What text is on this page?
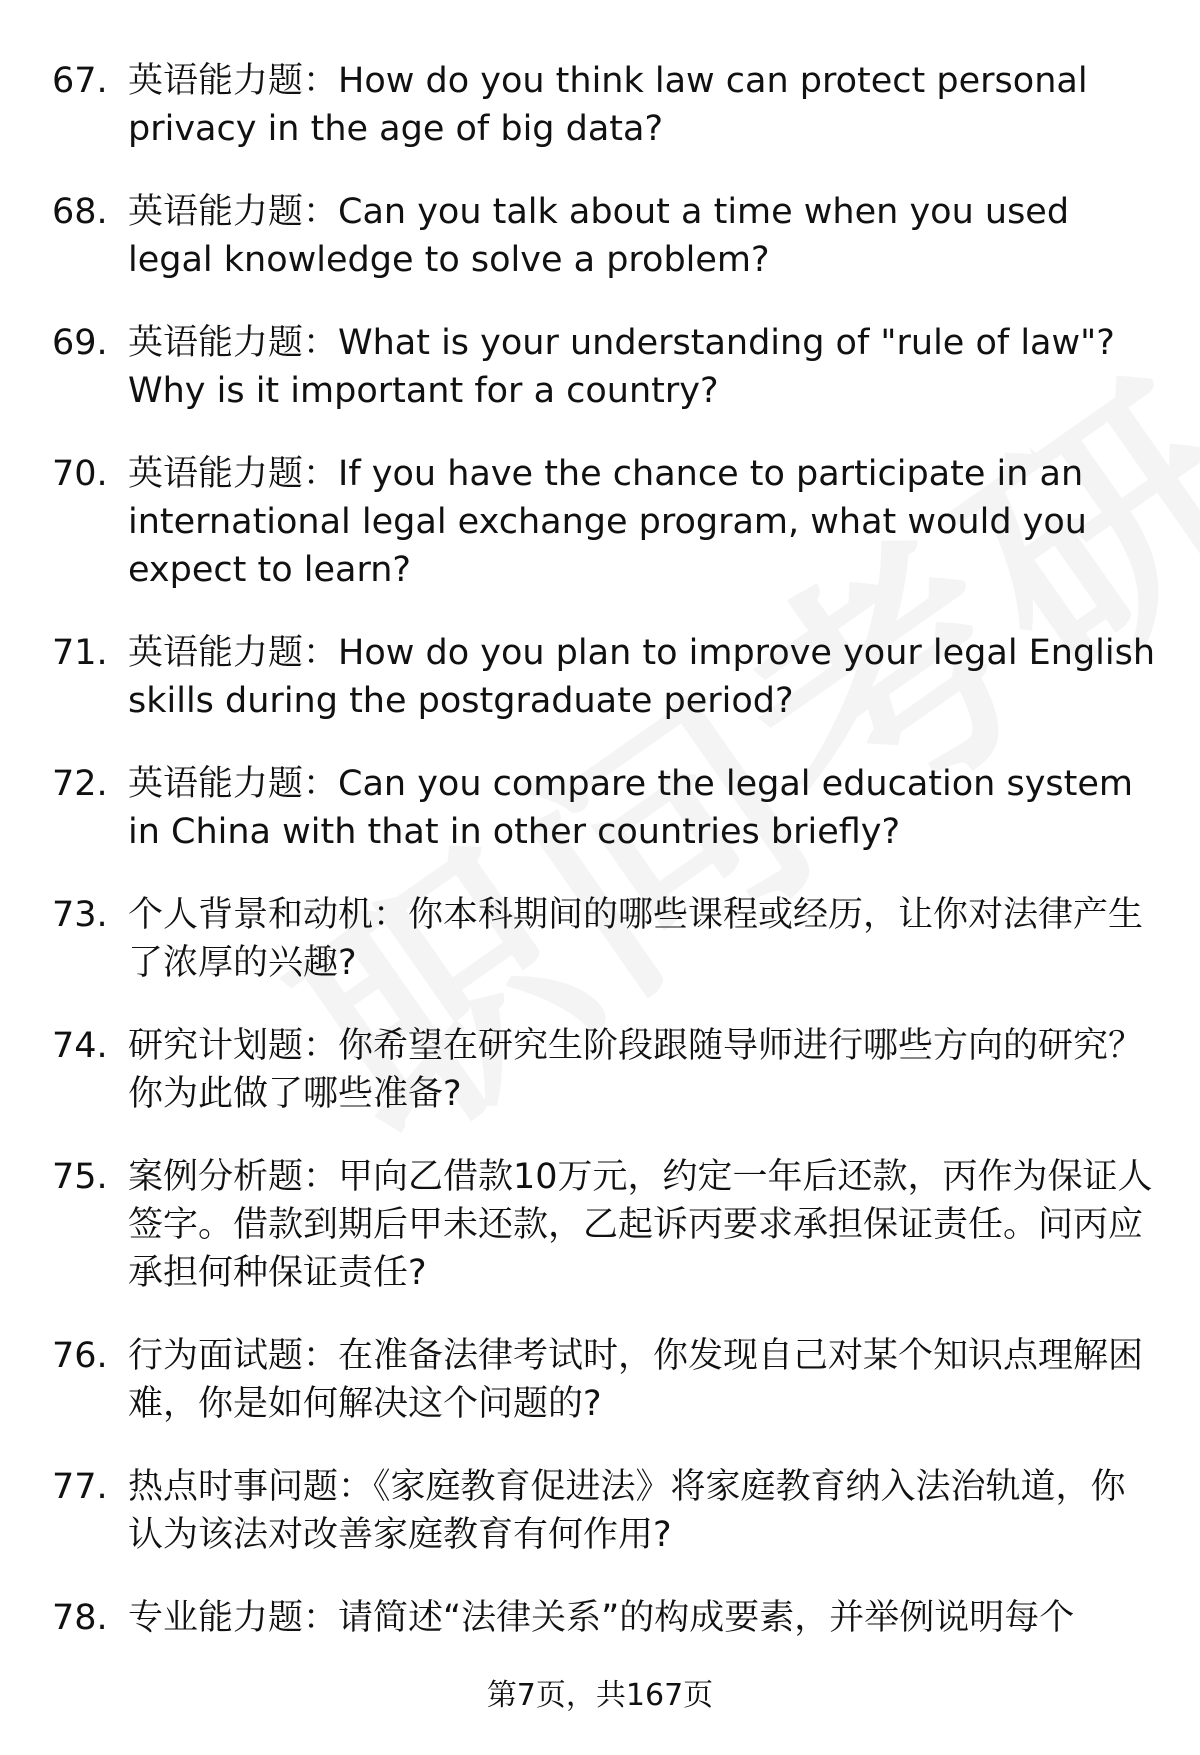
67. 英语能力题：How do you think law can protect personal privacy in the age of big data?
68. 英语能力题：Can you talk about a time when you used legal knowledge to solve a problem?
69. 英语能力题：What is your understanding of "rule of law"? Why is it important for a country?
70. 英语能力题：If you have the chance to participate in an international legal exchange program, what would you expect to learn?
71. 英语能力题：How do you plan to improve your legal English skills during the postgraduate period?
72. 英语能力题：Can you compare the legal education system in China with that in other countries briefly?
73. 个人背景和动机：你本科期间的哪些课程或经历，让你对法律产生了浓厚的兴趣?
74. 研究计划题：你希望在研究生阶段跟随导师进行哪些方向的研究？你为此做了哪些准备?
75. 案例分析题：甲向乙借款10万元，约定一年后还款，丙作为保证人签字。借款到期后甲未还款，乙起诉丙要求承担保证责任。问丙应承担何种保证责任?
76. 行为面试题：在准备法律考试时，你发现自己对某个知识点理解困难，你是如何解决这个问题的?
77. 热点时事问题：《家庭教育促进法》将家庭教育纳入法治轨道，你认为该法对改善家庭教育有何作用?
78. 专业能力题：请简述“法律关系”的构成要素，并举例说明每个
第7页，共167页
